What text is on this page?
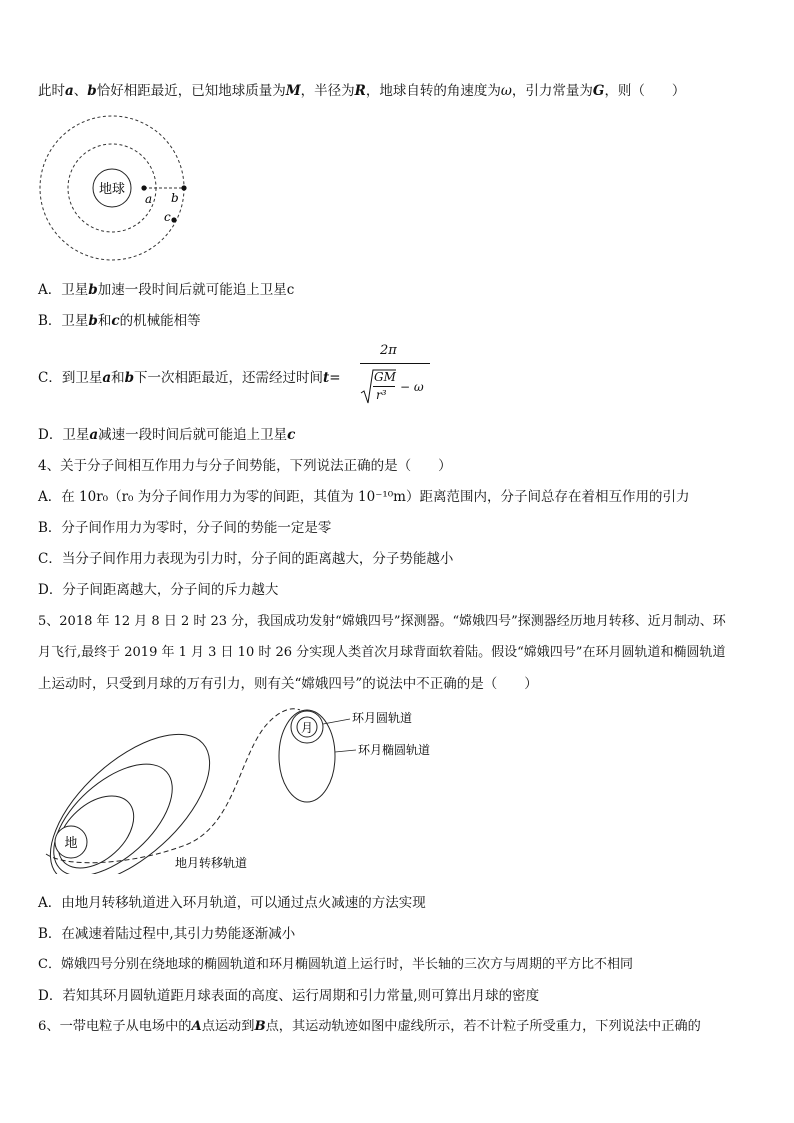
此时a、b恰好相距最近，已知地球质量为M，半径为R，地球自转的角速度为ω，引力常量为G，则（　　）
地球
a b
c
A．卫星b加速一段时间后就可能追上卫星c
B．卫星b和c的机械能相等
C．到卫星a和b下一次相距最近，还需经过时间t=
2π
GM
r³
− ω
D．卫星a减速一段时间后就可能追上卫星c
4、关于分子间相互作用力与分子间势能，下列说法正确的是（　　）
A．在 10r₀（r₀ 为分子间作用力为零的间距，其值为 10⁻¹⁰m）距离范围内，分子间总存在着相互作用的引力
B．分子间作用力为零时，分子间的势能一定是零
C．当分子间作用力表现为引力时，分子间的距离越大，分子势能越小
D．分子间距离越大，分子间的斥力越大
5、2018 年 12 月 8 日 2 时 23 分，我国成功发射“嫦娥四号”探测器。“嫦娥四号”探测器经历地月转移、近月制动、环
月飞行,最终于 2019 年 1 月 3 日 10 时 26 分实现人类首次月球背面软着陆。假设“嫦娥四号”在环月圆轨道和椭圆轨道
上运动时，只受到月球的万有引力，则有关“嫦娥四号”的说法中不正确的是（　　）
地
月
环月圆轨道
环月椭圆轨道
地月转移轨道
A．由地月转移轨道进入环月轨道，可以通过点火减速的方法实现
B．在减速着陆过程中,其引力势能逐渐减小
C．嫦娥四号分别在绕地球的椭圆轨道和环月椭圆轨道上运行时，半长轴的三次方与周期的平方比不相同
D．若知其环月圆轨道距月球表面的高度、运行周期和引力常量,则可算出月球的密度
6、一带电粒子从电场中的A点运动到B点，其运动轨迹如图中虚线所示，若不计粒子所受重力，下列说法中正确的
